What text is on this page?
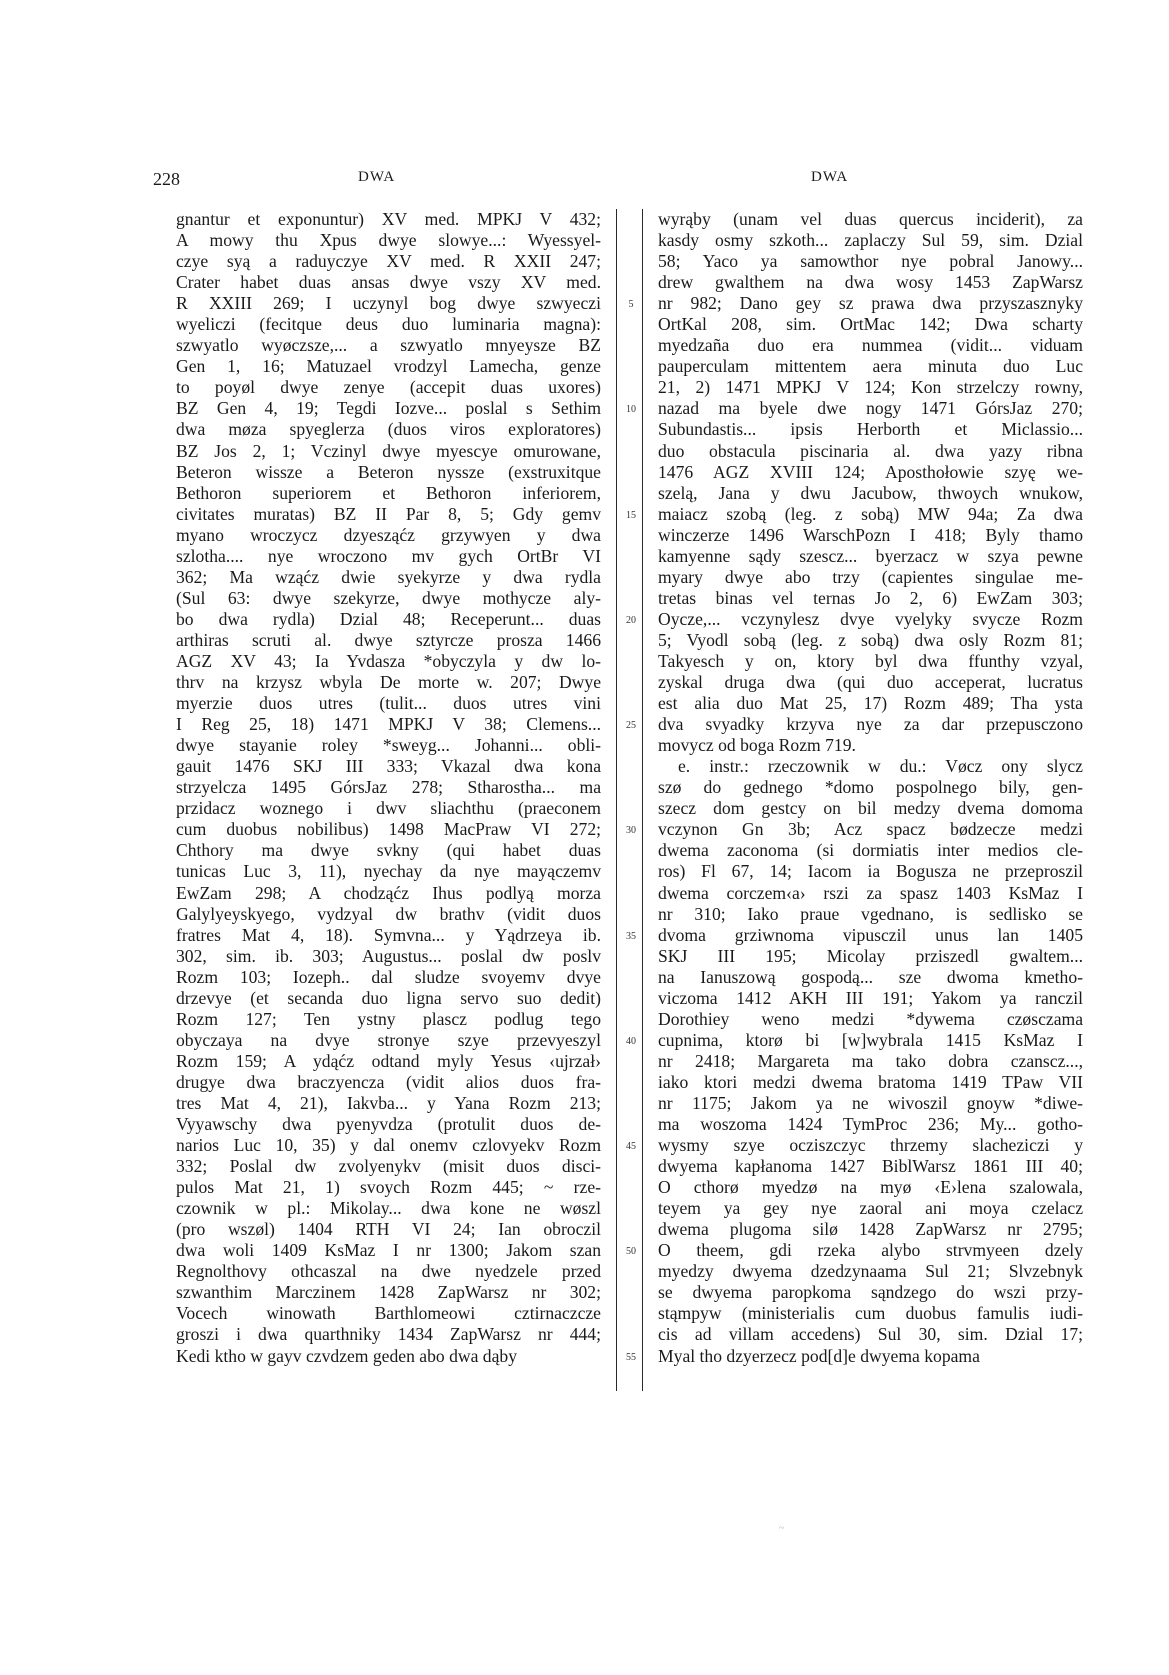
228	DWA	DWA
gnantur et exponuntur) XV med. MPKJ V 432;
A mowy thu Xpus dwye slowye...: Wyessyel-
czye syą a raduyczye XV med. R XXII 247;
Crater habet duas ansas dwye vszy XV med.
R XXIII 269; I uczynyl bog dwye szwyeczi
wyeliczi (fecitque deus duo luminaria magna):
szwyatlo wyøczsze,... a szwyatlo mnyeysze BZ
Gen 1, 16; Matuzael vrodzyl Lamecha, genze
to poyøl dwye zenye (accepit duas uxores)
BZ Gen 4, 19; Tegdi Iozve... poslal s Sethim
dwa møza spyeglerza (duos viros exploratores)
BZ Jos 2, 1; Vczinyl dwye myescye omurowane,
Beteron wissze a Beteron nyssze (exstruxitque
Bethoron superiorem et Bethoron inferiorem,
civitates muratas) BZ II Par 8, 5; Gdy gemv
myano wroczycz dzyesząćz grzywyen y dwa
szlotha.... nye wroczono mv gych OrtBr VI
362; Ma wząćz dwie syekyrze y dwa rydla
(Sul 63: dwye szekyrze, dwye mothycze aly-
bo dwa rydla) Dzial 48; Receperunt... duas
arthiras scruti al. dwye sztyrcze prosza 1466
AGZ XV 43; Ia Yvdasza *obyczyla y dw lo-
thrv na krzysz wbyla De morte w. 207; Dwye
myerzie duos utres (tulit... duos utres vini
I Reg 25, 18) 1471 MPKJ V 38; Clemens...
dwye stayanie roley *sweyg... Johanni... obli-
gauit 1476 SKJ III 333; Vkazal dwa kona
strzyelcza 1495 GórsJaz 278; Stharostha... ma
przidacz woznego i dwv sliachthu (praeconem
cum duobus nobilibus) 1498 MacPraw VI 272;
Chthory ma dwye svkny (qui habet duas
tunicas Luc 3, 11), nyechay da nye mayączemv
EwZam 298; A chodząćz Ihus podlyą morza
Galylyeyskyego, vydzyal dw brathv (vidit duos
fratres Mat 4, 18). Symvna... y Yądrzeya ib.
302, sim. ib. 303; Augustus... poslal dw poslv
Rozm 103; Iozeph.. dal sludze svoyemv dvye
drzevye (et secanda duo ligna servo suo dedit)
Rozm 127; Ten ystny plascz podlug tego
obyczaya na dvye stronye szye przevyeszyl
Rozm 159; A ydąćz odtand myly Yesus ‹ujrzał›
drugye dwa braczyencza (vidit alios duos fra-
tres Mat 4, 21), Iakvba... y Yana Rozm 213;
Vyyawschy dwa pyenyvdza (protulit duos de-
narios Luc 10, 35) y dal onemv czlovyekv Rozm
332; Poslal dw zvolyenykv (misit duos disci-
pulos Mat 21, 1) svoych Rozm 445; ~ rze-
czownik w pl.: Mikolay... dwa kone ne wøszl
(pro wszøl) 1404 RTH VI 24; Ian obroczil
dwa woli 1409 KsMaz I nr 1300; Jakom szan
Regnolthovy othcaszal na dwe nyedzele przed
szwanthim Marczinem 1428 ZapWarsz nr 302;
Vocech winowath Barthlomeowi cztirnaczcze
groszi i dwa quarthniky 1434 ZapWarsz nr 444;
Kedi ktho w gayv czvdzem geden abo dwa dąby
5
10
15
20
25
30
35
40
45
50
55
wyrąby (unam vel duas quercus inciderit), za
kasdy osmy szkoth... zaplaczy Sul 59, sim. Dzial
58; Yaco ya samowthor nye pobral Janowy...
drew gwalthem na dwa wosy 1453 ZapWarsz
nr 982; Dano gey sz prawa dwa przyszasznyky
OrtKal 208, sim. OrtMac 142; Dwa scharty
myedzaña duo era nummea (vidit... viduam
pauperculam mittentem aera minuta duo Luc
21, 2) 1471 MPKJ V 124; Kon strzelczy rowny,
nazad ma byele dwe nogy 1471 GórsJaz 270;
Subundastis... ipsis Herborth et Miclassio...
duo obstacula piscinaria al. dwa yazy ribna
1476 AGZ XVIII 124; Aposthołowie szyę we-
szelą, Jana y dwu Jacubow, thwoych wnukow,
maiacz szobą (leg. z sobą) MW 94a; Za dwa
winczerze 1496 WarschPozn I 418; Byly thamo
kamyenne sądy szescz... byerzacz w szya pewne
myary dwye abo trzy (capientes singulae me-
tretas binas vel ternas Jo 2, 6) EwZam 303;
Oycze,... vczynylesz dvye vyelyky svycze Rozm
5; Vyodl sobą (leg. z sobą) dwa osly Rozm 81;
Takyesch y on, ktory byl dwa ffunthy vzyal,
zyskal druga dwa (qui duo acceperat, lucratus
est alia duo Mat 25, 17) Rozm 489; Tha ysta
dva svyadky krzyva nye za dar przepusczono
movycz od boga Rozm 719.
e. instr.: rzeczownik w du.: Vøcz ony slycz
szø do gednego *domo pospolnego bily, gen-
szecz dom gestcy on bil medzy dvema domoma
vczynon Gn 3b; Acz spacz bødzecze medzi
dwema zaconoma (si dormiatis inter medios cle-
ros) Fl 67, 14; Iacom ia Bogusza ne przeproszil
dwema corczem‹a› rszi za spasz 1403 KsMaz I
nr 310; Iako praue vgednano, is sedlisko se
dvoma grziwnoma vipusczil unus lan 1405
SKJ III 195; Micolay prziszedl gwaltem...
na Ianuszową gospodą... sze dwoma kmetho-
viczoma 1412 AKH III 191; Yakom ya ranczil
Dorothiey weno medzi *dywema czøsczama
cupnima, ktorø bi [w]wybrala 1415 KsMaz I
nr 2418; Margareta ma tako dobra czansсz...,
iako ktori medzi dwema bratoma 1419 TPaw VII
nr 1175; Jakom ya ne wivoszil gnoyw *diwe-
ma woszoma 1424 TymProc 236; My... gotho-
wysmy szye ocziszczyc thrzemy slacheziczi y
dwyema kapłanoma 1427 BiblWarsz 1861 III 40;
O cthorø myedzø na myø ‹E›lena szalowala,
teyem ya gey nye zaoral ani moya czelacz
dwema plugoma silø 1428 ZapWarsz nr 2795;
O theem, gdi rzeka alybo strvmyeen dzely
myedzy dwyema dzedzynaama Sul 21; Slvzebnyk
se dwyema paropkoma sąndzego do wszi przy-
stąmpyw (ministerialis cum duobus famulis iudi-
cis ad villam accedens) Sul 30, sim. Dzial 17;
Myal tho dzyerzecz pod[d]e dwyema kopama
~
